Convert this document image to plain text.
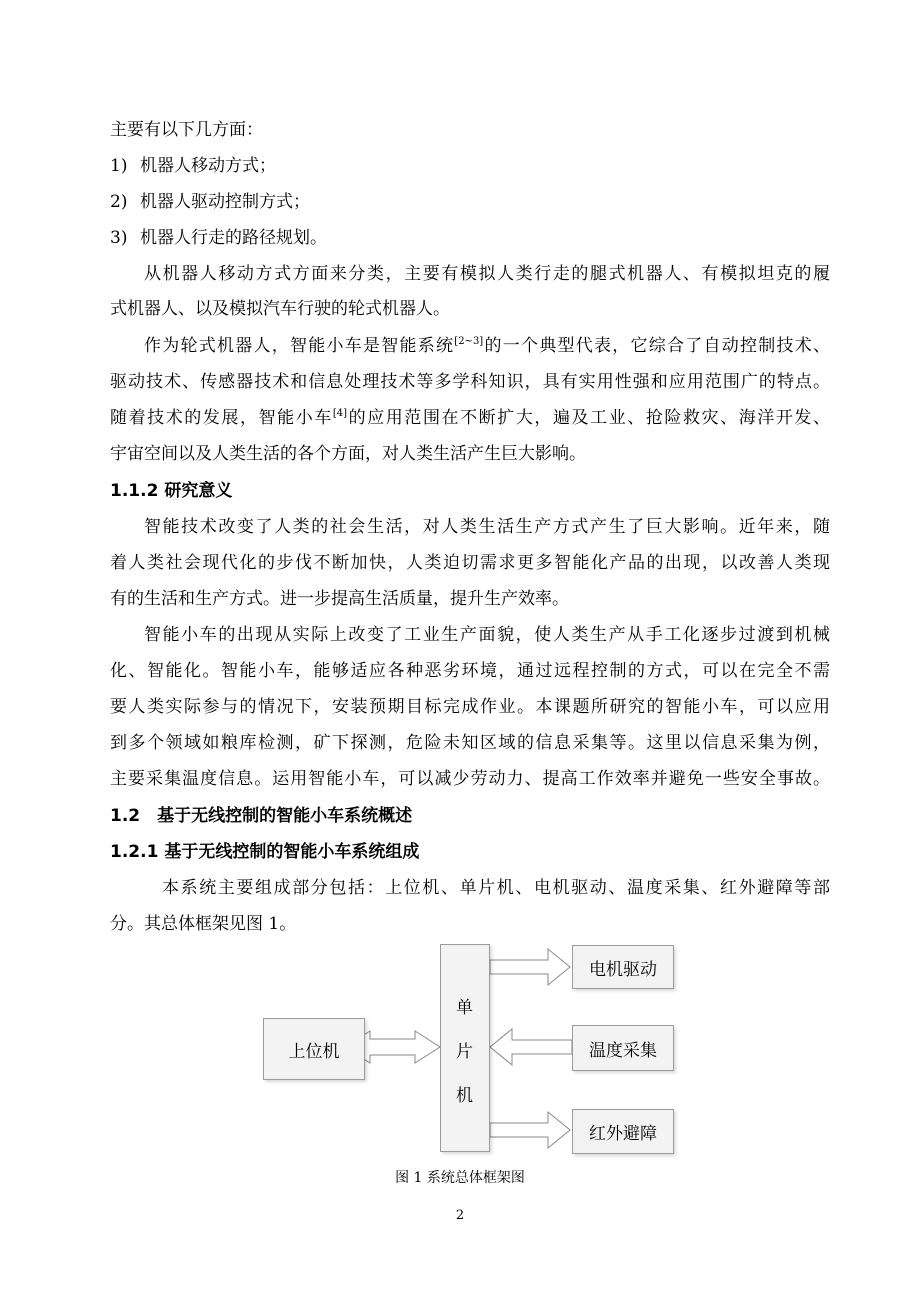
主要有以下几方面：
1) 机器人移动方式；
2) 机器人驱动控制方式；
3) 机器人行走的路径规划。
从机器人移动方式方面来分类，主要有模拟人类行走的腿式机器人、有模拟坦克的履
式机器人、以及模拟汽车行驶的轮式机器人。
作为轮式机器人，智能小车是智能系统[2~3]的一个典型代表，它综合了自动控制技术、
驱动技术、传感器技术和信息处理技术等多学科知识，具有实用性强和应用范围广的特点。
随着技术的发展，智能小车[4]的应用范围在不断扩大，遍及工业、抢险救灾、海洋开发、
宇宙空间以及人类生活的各个方面，对人类生活产生巨大影响。
1.1.2 研究意义
智能技术改变了人类的社会生活，对人类生活生产方式产生了巨大影响。近年来，随
着人类社会现代化的步伐不断加快，人类迫切需求更多智能化产品的出现，以改善人类现
有的生活和生产方式。进一步提高生活质量，提升生产效率。
智能小车的出现从实际上改变了工业生产面貌，使人类生产从手工化逐步过渡到机械
化、智能化。智能小车，能够适应各种恶劣环境，通过远程控制的方式，可以在完全不需
要人类实际参与的情况下，安装预期目标完成作业。本课题所研究的智能小车，可以应用
到多个领域如粮库检测，矿下探测，危险未知区域的信息采集等。这里以信息采集为例，
主要采集温度信息。运用智能小车，可以减少劳动力、提高工作效率并避免一些安全事故。
1.2　基于无线控制的智能小车系统概述
1.2.1 基于无线控制的智能小车系统组成
本系统主要组成部分包括：上位机、单片机、电机驱动、温度采集、红外避障等部
分。其总体框架见图 1。
上位机
单
片
机
电机驱动
温度采集
红外避障
图 1 系统总体框架图
2
